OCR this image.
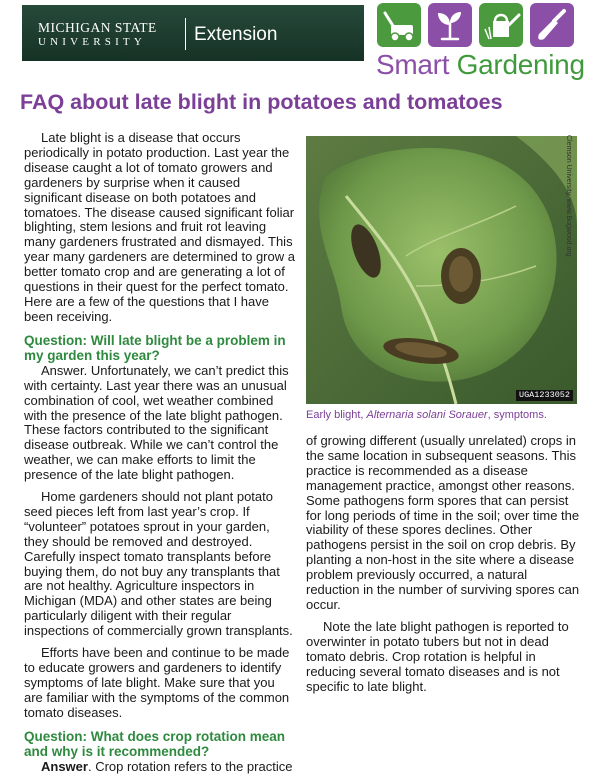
MICHIGAN STATE
UNIVERSITY	Extension
Smart Gardening
FAQ about late blight in potatoes and tomatoes

Late blight is a disease that occurs periodically in potato production. Last year the disease caught a lot of tomato growers and gardeners by surprise when it caused significant disease on both potatoes and tomatoes. The disease caused significant foliar blighting, stem lesions and fruit rot leaving many gardeners frustrated and dismayed. This year many gardeners are determined to grow a better tomato crop and are generating a lot of questions in their quest for the perfect tomato. Here are a few of the questions that I have been receiving.

Question: Will late blight be a problem in my garden this year?

Answer. Unfortunately, we can’t predict this with certainty. Last year there was an unusual combination of cool, wet weather combined with the presence of the late blight pathogen. These factors contributed to the significant disease outbreak. While we can’t control the weather, we can make efforts to limit the presence of the late blight pathogen.

Home gardeners should not plant potato seed pieces left from last year’s crop. If “volunteer” potatoes sprout in your garden, they should be removed and destroyed. Carefully inspect tomato transplants before buying them, do not buy any transplants that are not healthy. Agriculture inspectors in Michigan (MDA) and other states are being particularly diligent with their regular inspections of commercially grown transplants.

Efforts have been and continue to be made to educate growers and gardeners to identify symptoms of late blight. Make sure that you are familiar with the symptoms of the common tomato diseases.

Question: What does crop rotation mean and why is it recommended?

Answer. Crop rotation refers to the practice

UGA1233052
Clemson University, www.Bugwood.org
Early blight, Alternaria solani Sorauer, symptoms.

of growing different (usually unrelated) crops in the same location in subsequent seasons. This practice is recommended as a disease management practice, amongst other reasons. Some pathogens form spores that can persist for long periods of time in the soil; over time the viability of these spores declines. Other pathogens persist in the soil on crop debris. By planting a non-host in the site where a disease problem previously occurred, a natural reduction in the number of surviving spores can occur.

Note the late blight pathogen is reported to overwinter in potato tubers but not in dead tomato debris. Crop rotation is helpful in reducing several tomato diseases and is not specific to late blight.
